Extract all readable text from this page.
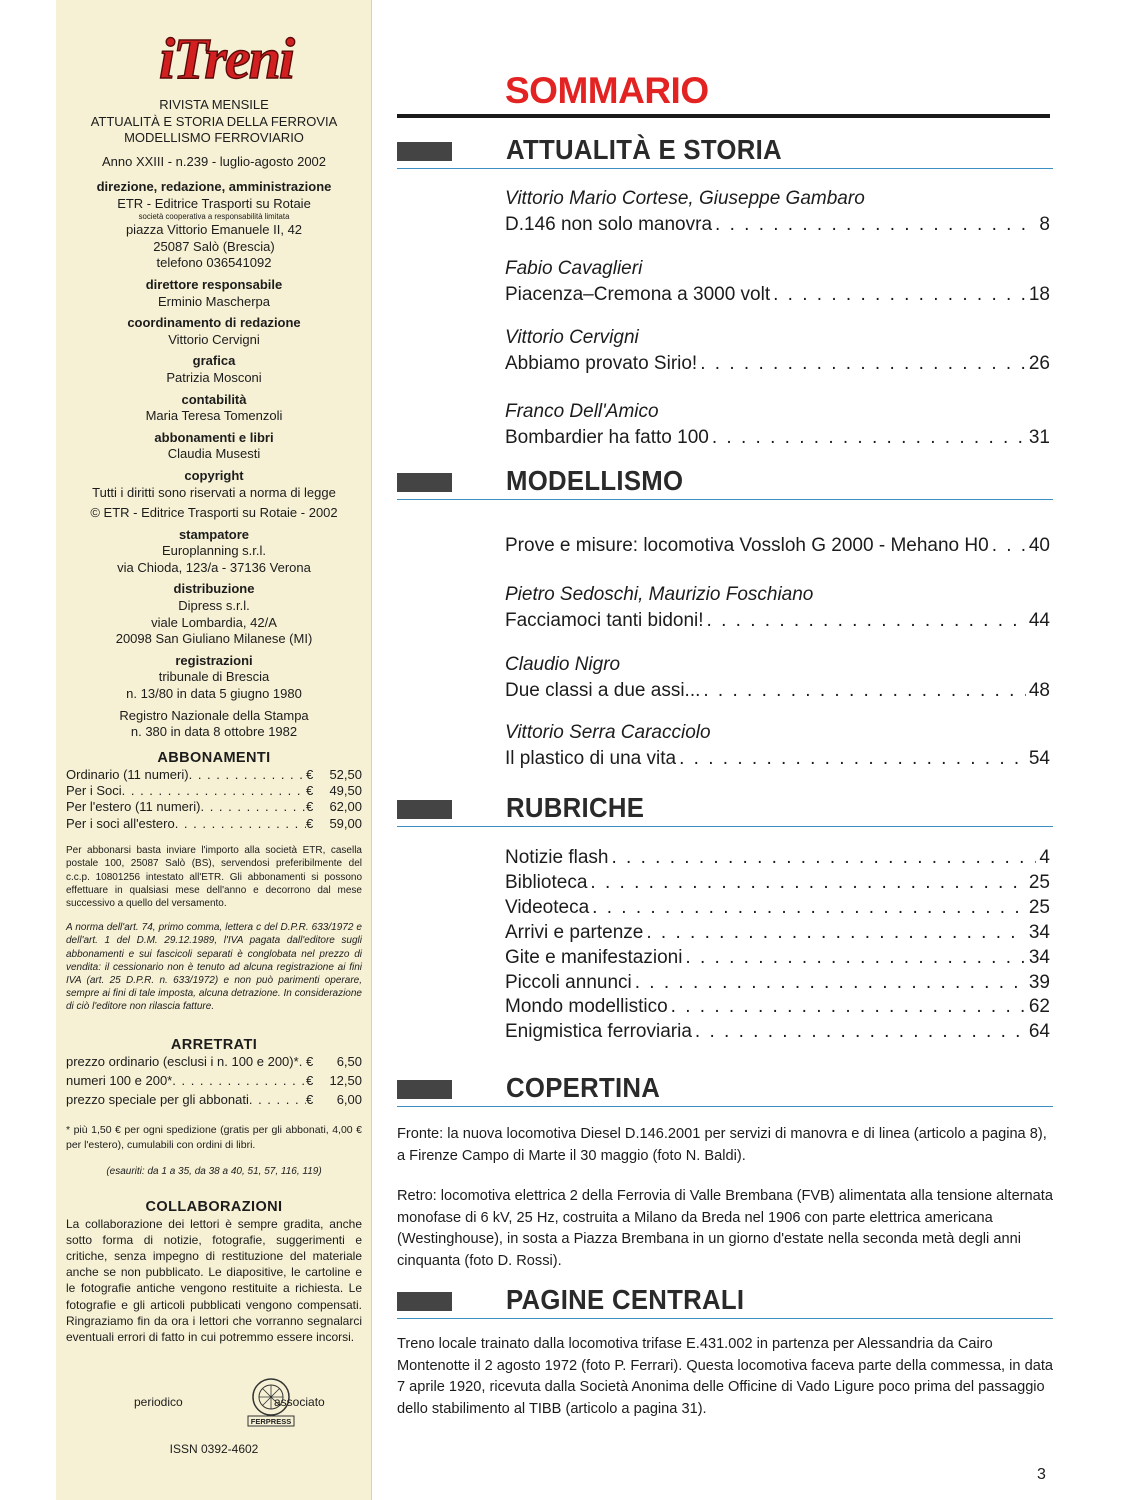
iTreni
RIVISTA MENSILE
ATTUALITÀ E STORIA DELLA FERROVIA
MODELLISMO FERROVIARIO
Anno XXIII - n.239 - luglio-agosto 2002
direzione, redazione, amministrazione
ETR - Editrice Trasporti su Rotaie
società cooperativa a responsabilità limitata
piazza Vittorio Emanuele II, 42
25087 Salò (Brescia)
telefono 036541092
direttore responsabile
Erminio Mascherpa
coordinamento di redazione
Vittorio Cervigni
grafica
Patrizia Mosconi
contabilità
Maria Teresa Tomenzoli
abbonamenti e libri
Claudia Musesti
copyright
Tutti i diritti sono riservati a norma di legge
© ETR - Editrice Trasporti su Rotaie - 2002
stampatore
Europlanning s.r.l.
via Chioda, 123/a - 37136 Verona
distribuzione
Dipress s.r.l.
viale Lombardia, 42/A
20098 San Giuliano Milanese (MI)
registrazioni
tribunale di Brescia
n. 13/80 in data 5 giugno 1980
Registro Nazionale della Stampa
n. 380 in data 8 ottobre 1982
ABBONAMENTI
Ordinario (11 numeri) . . .	€	52,50
Per i Soci . . .	€	49,50
Per l'estero (11 numeri) . . .	€	62,00
Per i soci all'estero . . .	€	59,00
Per abbonarsi basta inviare l'importo alla società ETR, casella postale 100, 25087 Salò (BS), servendosi preferibilmente del c.c.p. 10801256 intestato all'ETR. Gli abbonamenti si possono effettuare in qualsiasi mese dell'anno e decorrono dal mese successivo a quello del versamento.
A norma dell'art. 74, primo comma, lettera c del D.P.R. 633/1972 e dell'art. 1 del D.M. 29.12.1989, l'IVA pagata dall'editore sugli abbonamenti e sui fascicoli separati è conglobata nel prezzo di vendita: il cessionario non è tenuto ad alcuna registrazione ai fini IVA (art. 25 D.P.R. n. 633/1972) e non può parimenti operare, sempre ai fini di tale imposta, alcuna detrazione. In considerazione di ciò l'editore non rilascia fatture.
ARRETRATI
prezzo ordinario (esclusi i n. 100 e 200)* . . . €	6,50
numeri 100 e 200* . . .	€	12,50
prezzo speciale per gli abbonati . . .	€	6,00
* più 1,50 € per ogni spedizione (gratis per gli abbonati, 4,00 € per l'estero), cumulabili con ordini di libri.
(esauriti: da 1 a 35, da 38 a 40, 51, 57, 116, 119)
COLLABORAZIONI
La collaborazione dei lettori è sempre gradita, anche sotto forma di notizie, fotografie, suggerimenti e critiche, senza impegno di restituzione del materiale anche se non pubblicato. Le diapositive, le cartoline e le fotografie antiche vengono restituite a richiesta. Le fotografie e gli articoli pubblicati vengono compensati. Ringraziamo fin da ora i lettori che vorranno segnalarci eventuali errori di fatto in cui potremmo essere incorsi.
periodico
FERPRESS
associato
ISSN 0392-4602
SOMMARIO
ATTUALITÀ E STORIA
Vittorio Mario Cortese, Giuseppe Gambaro
D.146 non solo manovra . . .	8
Fabio Cavaglieri
Piacenza–Cremona a 3000 volt . . .	18
Vittorio Cervigni
Abbiamo provato Sirio! . . .	26
Franco Dell'Amico
Bombardier ha fatto 100 . . .	31
MODELLISMO
Prove e misure: locomotiva Vossloh G 2000 - Mehano H0 . . . 40
Pietro Sedoschi, Maurizio Foschiano
Facciamoci tanti bidoni! . . .	44
Claudio Nigro
Due classi a due assi... . . .	48
Vittorio Serra Caracciolo
Il plastico di una vita . . .	54
RUBRICHE
Notizie flash . . .	4
Biblioteca . . .	25
Videoteca . . .	25
Arrivi e partenze . . .	34
Gite e manifestazioni . . .	34
Piccoli annunci . . .	39
Mondo modellistico . . .	62
Enigmistica ferroviaria . . .	64
COPERTINA
Fronte: la nuova locomotiva Diesel D.146.2001 per servizi di manovra e di linea (articolo a pagina 8), a Firenze Campo di Marte il 30 maggio (foto N. Baldi).
Retro: locomotiva elettrica 2 della Ferrovia di Valle Brembana (FVB) alimentata alla tensione alternata monofase di 6 kV, 25 Hz, costruita a Milano da Breda nel 1906 con parte elettrica americana (Westinghouse), in sosta a Piazza Brembana in un giorno d'estate nella seconda metà degli anni cinquanta (foto D. Rossi).
PAGINE CENTRALI
Treno locale trainato dalla locomotiva trifase E.431.002 in partenza per Alessandria da Cairo Montenotte il 2 agosto 1972 (foto P. Ferrari). Questa locomotiva faceva parte della commessa, in data 7 aprile 1920, ricevuta dalla Società Anonima delle Officine di Vado Ligure poco prima del passaggio dello stabilimento al TIBB (articolo a pagina 31).
3
